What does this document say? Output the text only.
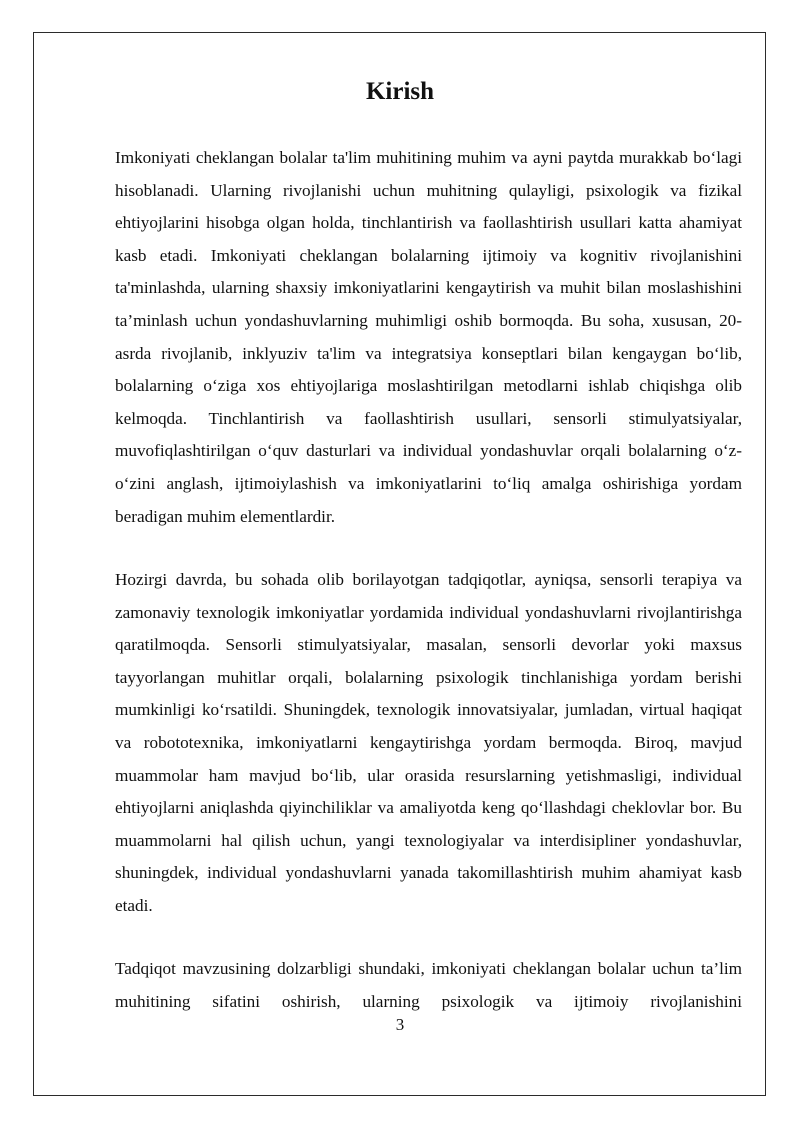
Kirish

Imkoniyati cheklangan bolalar ta'lim muhitining muhim va ayni paytda murakkab bo‘lagi hisoblanadi. Ularning rivojlanishi uchun muhitning qulayligi, psixologik va fizikal ehtiyojlarini hisobga olgan holda, tinchlantirish va faollashtirish usullari katta ahamiyat kasb etadi. Imkoniyati cheklangan bolalarning ijtimoiy va kognitiv rivojlanishini ta'minlashda, ularning shaxsiy imkoniyatlarini kengaytirish va muhit bilan moslashishini ta’minlash uchun yondashuvlarning muhimligi oshib bormoqda. Bu soha, xususan, 20-asrda rivojlanib, inklyuziv ta'lim va integratsiya konseptlari bilan kengaygan bo‘lib, bolalarning o‘ziga xos ehtiyojlariga moslashtirilgan metodlarni ishlab chiqishga olib kelmoqda. Tinchlantirish va faollashtirish usullari, sensorli stimulyatsiyalar, muvofiqlashtirilgan o‘quv dasturlari va individual yondashuvlar orqali bolalarning o‘z-o‘zini anglash, ijtimoiylashish va imkoniyatlarini to‘liq amalga oshirishiga yordam beradigan muhim elementlardir.

Hozirgi davrda, bu sohada olib borilayotgan tadqiqotlar, ayniqsa, sensorli terapiya va zamonaviy texnologik imkoniyatlar yordamida individual yondashuvlarni rivojlantirishga qaratilmoqda. Sensorli stimulyatsiyalar, masalan, sensorli devorlar yoki maxsus tayyorlangan muhitlar orqali, bolalarning psixologik tinchlanishiga yordam berishi mumkinligi ko‘rsatildi. Shuningdek, texnologik innovatsiyalar, jumladan, virtual haqiqat va robototexnika, imkoniyatlarni kengaytirishga yordam bermoqda. Biroq, mavjud muammolar ham mavjud bo‘lib, ular orasida resurslarning yetishmasligi, individual ehtiyojlarni aniqlashda qiyinchiliklar va amaliyotda keng qo‘llashdagi cheklovlar bor. Bu muammolarni hal qilish uchun, yangi texnologiyalar va interdisipliner yondashuvlar, shuningdek, individual yondashuvlarni yanada takomillashtirish muhim ahamiyat kasb etadi.

Tadqiqot mavzusining dolzarbligi shundaki, imkoniyati cheklangan bolalar uchun ta’lim muhitining sifatini oshirish, ularning psixologik va ijtimoiy rivojlanishini

3
